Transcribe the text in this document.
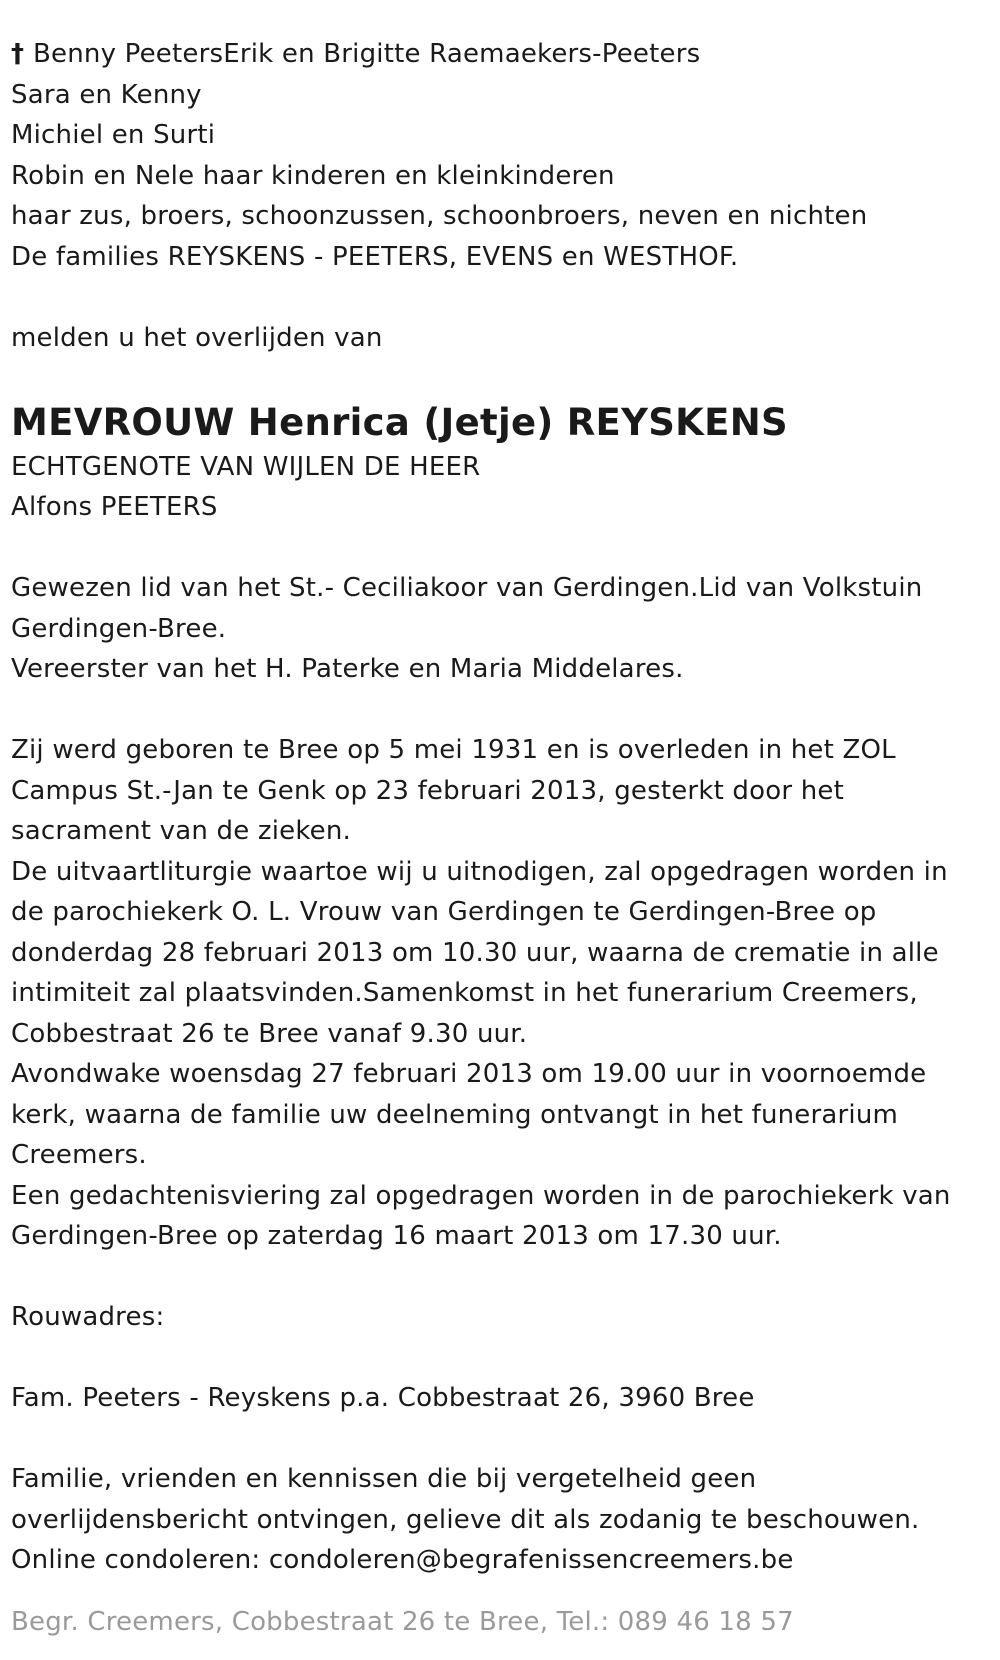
† Benny PeetersErik en Brigitte Raemaekers-Peeters
Sara en Kenny
Michiel en Surti
Robin en Nele haar kinderen en kleinkinderen
haar zus, broers, schoonzussen, schoonbroers, neven en nichten
De families REYSKENS - PEETERS, EVENS en WESTHOF.
melden u het overlijden van
MEVROUW Henrica (Jetje) REYSKENS
ECHTGENOTE VAN WIJLEN DE HEER
Alfons PEETERS
Gewezen lid van het St.- Ceciliakoor van Gerdingen.Lid van Volkstuin
Gerdingen-Bree.
Vereerster van het H. Paterke en Maria Middelares.
Zij werd geboren te Bree op 5 mei 1931 en is overleden in het ZOL
Campus St.-Jan te Genk op 23 februari 2013, gesterkt door het
sacrament van de zieken.
De uitvaartliturgie waartoe wij u uitnodigen, zal opgedragen worden in
de parochiekerk O. L. Vrouw van Gerdingen te Gerdingen-Bree op
donderdag 28 februari 2013 om 10.30 uur, waarna de crematie in alle
intimiteit zal plaatsvinden.Samenkomst in het funerarium Creemers,
Cobbestraat 26 te Bree vanaf 9.30 uur.
Avondwake woensdag 27 februari 2013 om 19.00 uur in voornoemde
kerk, waarna de familie uw deelneming ontvangt in het funerarium
Creemers.
Een gedachtenisviering zal opgedragen worden in de parochiekerk van
Gerdingen-Bree op zaterdag 16 maart 2013 om 17.30 uur.
Rouwadres:
Fam. Peeters - Reyskens p.a. Cobbestraat 26, 3960 Bree
Familie, vrienden en kennissen die bij vergetelheid geen
overlijdensbericht ontvingen, gelieve dit als zodanig te beschouwen.
Online condoleren: condoleren@begrafenissencreemers.be
Begr. Creemers, Cobbestraat 26 te Bree, Tel.: 089 46 18 57
